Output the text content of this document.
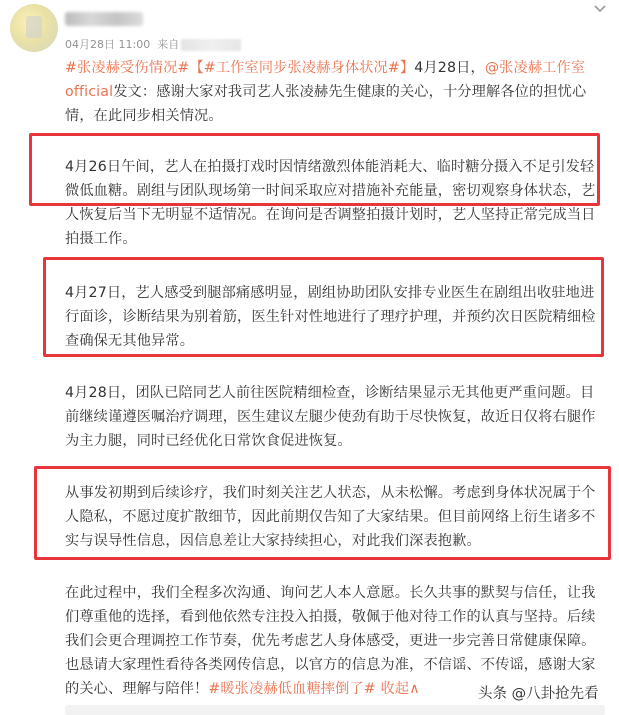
04月28日 11:00 来自

#张凌赫受伤情况#【#工作室同步张凌赫身体状况#】4月28日，@张凌赫工作室official发文：感谢大家对我司艺人张凌赫先生健康的关心，十分理解各位的担忧心情，在此同步相关情况。

4月26日午间，艺人在拍摄打戏时因情绪激烈体能消耗大、临时糖分摄入不足引发轻微低血糖。剧组与团队现场第一时间采取应对措施补充能量，密切观察身体状态，艺人恢复后当下无明显不适情况。在询问是否调整拍摄计划时，艺人坚持正常完成当日拍摄工作。

4月27日，艺人感受到腿部痛感明显，剧组协助团队安排专业医生在剧组出收驻地进行面诊，诊断结果为别着筋，医生针对性地进行了理疗护理，并预约次日医院精细检查确保无其他异常。

4月28日，团队已陪同艺人前往医院精细检查，诊断结果显示无其他更严重问题。目前继续谨遵医嘱治疗调理，医生建议左腿少使劲有助于尽快恢复，故近日仅将右腿作为主力腿，同时已经优化日常饮食促进恢复。

从事发初期到后续诊疗，我们时刻关注艺人状态，从未松懈。考虑到身体状况属于个人隐私，不愿过度扩散细节，因此前期仅告知了大家结果。但目前网络上衍生诸多不实与误导性信息，因信息差让大家持续担心，对此我们深表抱歉。

在此过程中，我们全程多次沟通、询问艺人本人意愿。长久共事的默契与信任，让我们尊重他的选择，看到他依然专注投入拍摄，敬佩于他对待工作的认真与坚持。后续我们会更合理调控工作节奏，优先考虑艺人身体感受，更进一步完善日常健康保障。也恳请大家理性看待各类网传信息，以官方的信息为准，不信谣、不传谣，感谢大家的关心、理解与陪伴！#暖张凌赫低血糖摔倒了# 收起∧	头条 @八卦抢先看
